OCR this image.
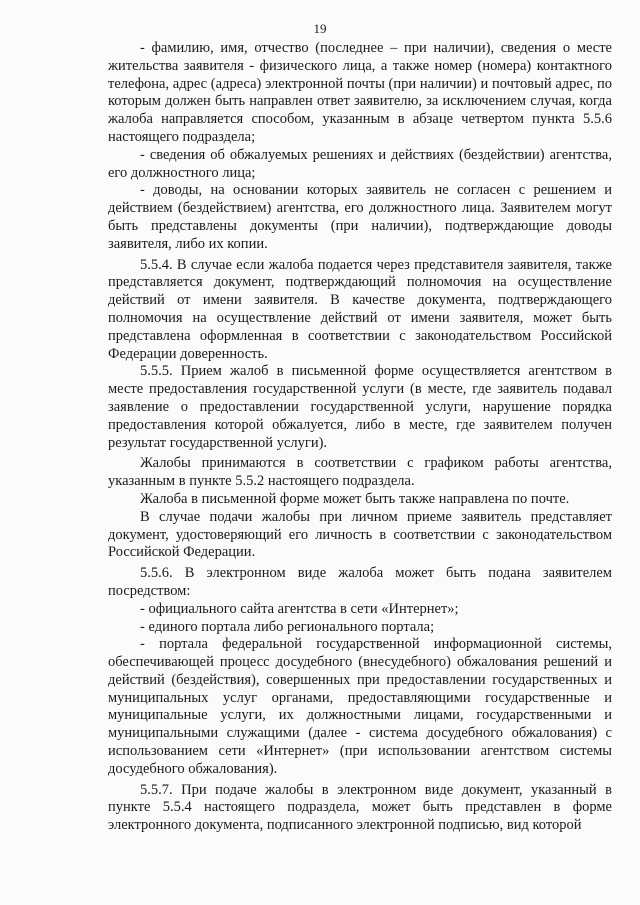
19

- фамилию, имя, отчество (последнее – при наличии), сведения о месте жительства заявителя - физического лица, а также номер (номера) контактного телефона, адрес (адреса) электронной почты (при наличии) и почтовый адрес, по которым должен быть направлен ответ заявителю, за исключением случая, когда жалоба направляется способом, указанным в абзаце четвертом пункта 5.5.6 настоящего подраздела;

- сведения об обжалуемых решениях и действиях (бездействии) агентства, его должностного лица;

- доводы, на основании которых заявитель не согласен с решением и действием (бездействием) агентства, его должностного лица. Заявителем могут быть представлены документы (при наличии), подтверждающие доводы заявителя, либо их копии.

5.5.4. В случае если жалоба подается через представителя заявителя, также представляется документ, подтверждающий полномочия на осуществление действий от имени заявителя. В качестве документа, подтверждающего полномочия на осуществление действий от имени заявителя, может быть представлена оформленная в соответствии с законодательством Российской Федерации доверенность.

5.5.5. Прием жалоб в письменной форме осуществляется агентством в месте предоставления государственной услуги (в месте, где заявитель подавал заявление о предоставлении государственной услуги, нарушение порядка предоставления которой обжалуется, либо в месте, где заявителем получен результат государственной услуги).

Жалобы принимаются в соответствии с графиком работы агентства, указанным в пункте 5.5.2 настоящего подраздела.

Жалоба в письменной форме может быть также направлена по почте.

В случае подачи жалобы при личном приеме заявитель представляет документ, удостоверяющий его личность в соответствии с законодательством Российской Федерации.

5.5.6. В электронном виде жалоба может быть подана заявителем посредством:

- официального сайта агентства в сети «Интернет»;

- единого портала либо регионального портала;

- портала федеральной государственной информационной системы, обеспечивающей процесс досудебного (внесудебного) обжалования решений и действий (бездействия), совершенных при предоставлении государственных и муниципальных услуг органами, предоставляющими государственные и муниципальные услуги, их должностными лицами, государственными и муниципальными служащими (далее - система досудебного обжалования) с использованием сети «Интернет» (при использовании агентством системы досудебного обжалования).

5.5.7. При подаче жалобы в электронном виде документ, указанный в пункте 5.5.4 настоящего подраздела, может быть представлен в форме электронного документа, подписанного электронной подписью, вид которой
